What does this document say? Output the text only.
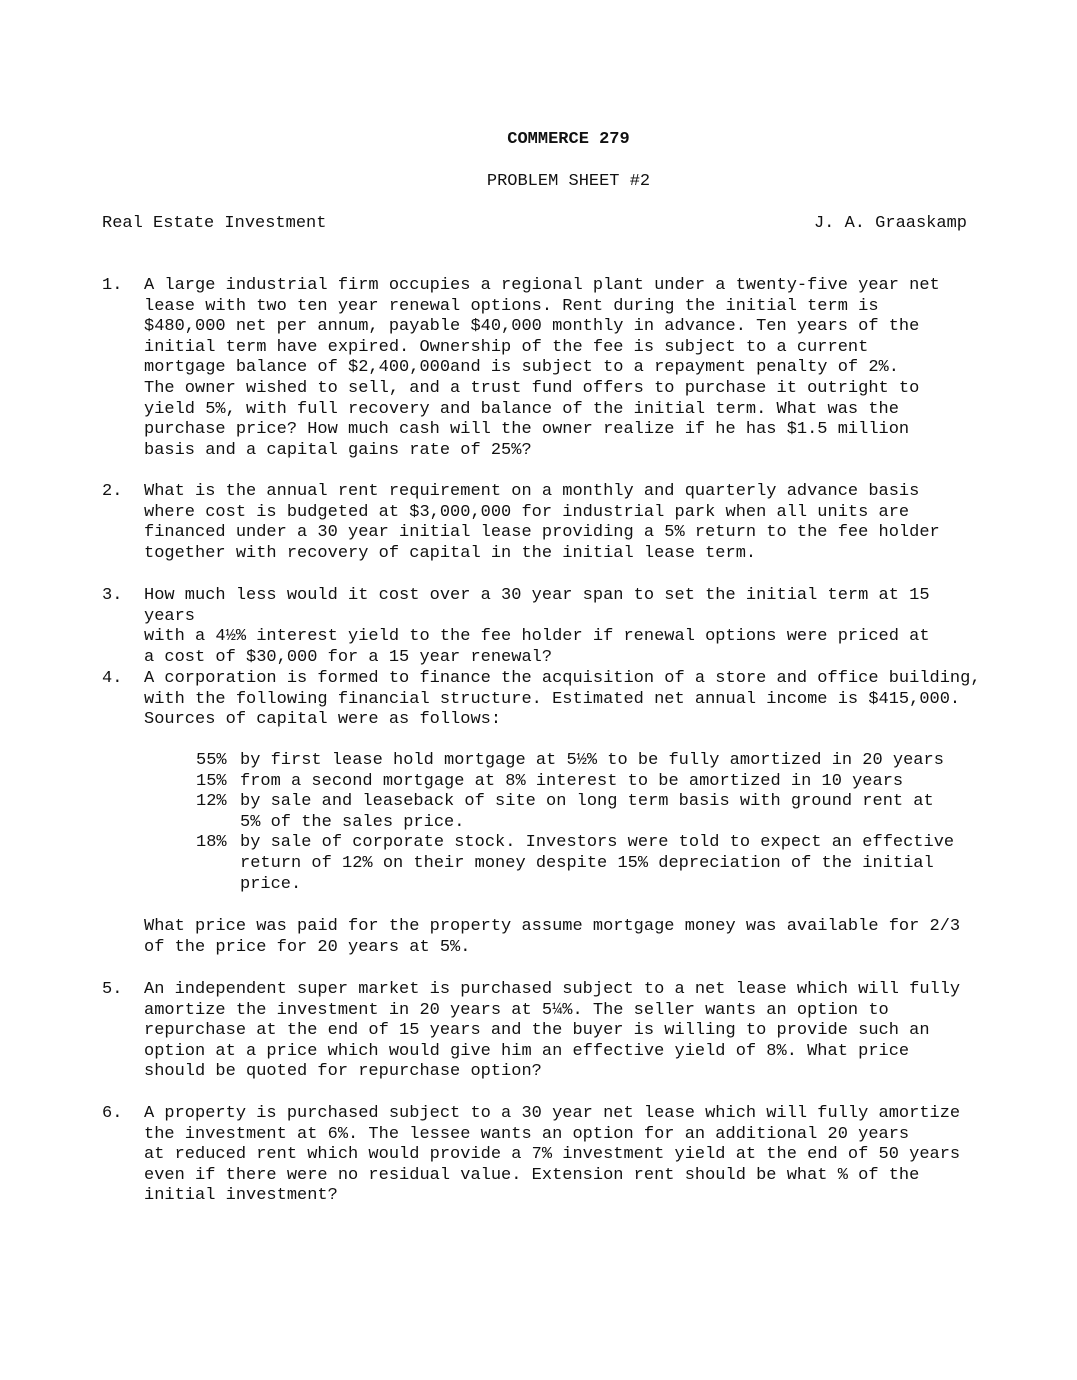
COMMERCE 279
PROBLEM SHEET #2
Real Estate Investment	J. A. Graaskamp
1.	A large industrial firm occupies a regional plant under a twenty-five year net
lease with two ten year renewal options. Rent during the initial term is
$480,000 net per annum, payable $40,000 monthly in advance. Ten years of the
initial term have expired. Ownership of the fee is subject to a current
mortgage balance of $2,400,000and is subject to a repayment penalty of 2%.
The owner wished to sell, and a trust fund offers to purchase it outright to
yield 5%, with full recovery and balance of the initial term. What was the
purchase price? How much cash will the owner realize if he has $1.5 million
basis and a capital gains rate of 25%?
2.	What is the annual rent requirement on a monthly and quarterly advance basis
where cost is budgeted at $3,000,000 for industrial park when all units are
financed under a 30 year initial lease providing a 5% return to the fee holder
together with recovery of capital in the initial lease term.
3.	How much less would it cost over a 30 year span to set the initial term at 15 years
with a 4½% interest yield to the fee holder if renewal options were priced at
a cost of $30,000 for a 15 year renewal?
4.	A corporation is formed to finance the acquisition of a store and office building,
with the following financial structure. Estimated net annual income is $415,000.
Sources of capital were as follows:
55% by first lease hold mortgage at 5½% to be fully amortized in 20 years
15% from a second mortgage at 8% interest to be amortized in 10 years
12% by sale and leaseback of site on long term basis with ground rent at
5% of the sales price.
18% by sale of corporate stock. Investors were told to expect an effective
return of 12% on their money despite 15% depreciation of the initial
price.
What price was paid for the property assume mortgage money was available for 2/3
of the price for 20 years at 5%.
5.	An independent super market is purchased subject to a net lease which will fully
amortize the investment in 20 years at 5¼%. The seller wants an option to
repurchase at the end of 15 years and the buyer is willing to provide such an
option at a price which would give him an effective yield of 8%. What price
should be quoted for repurchase option?
6.	A property is purchased subject to a 30 year net lease which will fully amortize
the investment at 6%. The lessee wants an option for an additional 20 years
at reduced rent which would provide a 7% investment yield at the end of 50 years
even if there were no residual value. Extension rent should be what % of the
initial investment?
